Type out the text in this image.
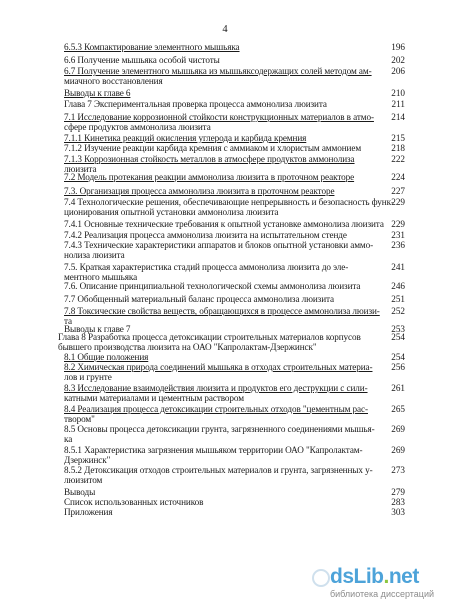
4
6.5.3 Компактирование элементного мышьяка	196
6.6 Получение мышьяка особой чистоты	202
6.7 Получение элементного мышьяка из мышьяксодержащих солей методом ам- 206
миачного восстановления
Выводы к главе 6	210
Глава 7 Экспериментальная проверка процесса аммонолиза люизита	211
7.1 Исследование коррозионной стойкости конструкционных материалов в атмо- 214
сфере продуктов аммонолиза люизита
7.1.1 Кинетика реакций окисления углерода и карбида кремния	215
7.1.2 Изучение реакции карбида кремния с аммиаком и хлористым аммонием	218
7.1.3 Коррозионная стойкость металлов в атмосфере продуктов аммонолиза	222
люизита
7.2 Модель протекания реакции аммонолиза люизита в проточном реакторе	224
7.3. Организация процесса аммонолиза люизита в проточном реакторе	227
7.4 Технологические решения, обеспечивающие непрерывность и безопасность функ-
229
ционирования опытной установки аммонолиза люизита
7.4.1 Основные технические требования к опытной установке аммонолиза люизита 229
7.4.2 Реализация процесса аммонолиза люизита на испытательном стенде	231
7.4.3 Технические характеристики аппаратов и блоков опытной установки аммо- 236
нолиза люизита
7.5. Краткая характеристика стадий процесса аммонолиза люизита до эле-	241
ментного мышьяка
7.6. Описание принципиальной технологической схемы аммонолиза люизита	246
7.7 Обобщенный материальный баланс процесса аммонолиза люизита	251
7.8 Токсические свойства веществ, обращающихся в процессе аммонолиза люизи- 252
та
Выводы к главе 7	253
Глава 8 Разработка процесса детоксикации строительных материалов корпусов	254
бывшего производства люизита на ОАО "Капролактам-Дзержинск"
8.1 Общие положения	254
8.2 Химическая природа соединений мышьяка в отходах строительных материа- 256
лов и грунте
8.3 Исследование взаимодействия люизита и продуктов его деструкции с сили-	261
катными материалами и цементным раствором
8.4 Реализация процесса детоксикации строительных отходов "цементным рас-	265
твором"
8.5 Основы процесса детоксикации грунта, загрязненного соединениями мышья- 269
ка
8.5.1 Характеристика загрязнения мышьяком территории ОАО "Капролактам-	269
Дзержинск"
8.5.2 Детоксикация отходов строительных материалов и грунта, загрязненных у- 273
люизитом
Выводы	279
Список использованных источников	283
Приложения	303
dsLib.net
библиотека диссертаций
